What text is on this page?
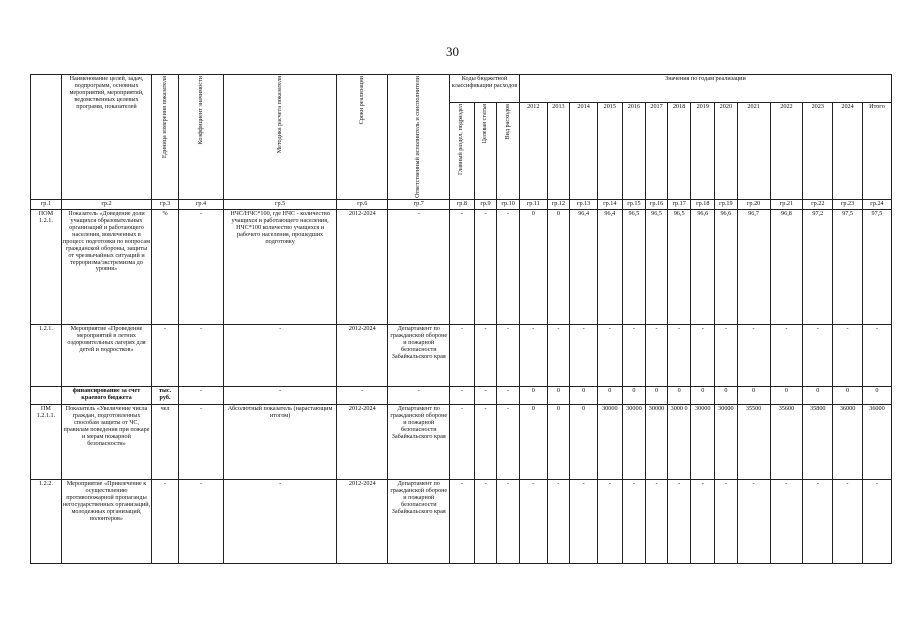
30
	Наименование целей, задач, подпрограмм, основных мероприятий, мероприятий, ведомственных целевых программ, показателей	Единица измерения показателя	Коэффициент значимости	Методика расчета показателя	Сроки реализации	Ответственный исполнитель и соисполнители	Коды бюджетной классификации расходов			Значения по годам реализации													

							Главный раздел, подраздел	Целевая статья	Вид расходов	2012	2013	2014	2015	2016	2017	2018	2019	2020	2021	2022	2023	2024	Итого
гр.1	гр.2	гр.3	гр.4	гр.5	гр.6	гр.7	гр.8	гр.9	гр.10	гр.11	гр.12	гр.13	гр.14	гр.15	гр.16	гр.17	гр.18	гр.19	гр.20	гр.21	гр.22	гр.23	гр.24
ПОМ 1.2.1.	Показатель «Доведение доли учащихся образовательных организаций и работающего населения, вовлеченных в процесс подготовки по вопросам гражданской обороны, защиты от чрезвычайных ситуаций и терроризма/экстремизма до уровня»	%	-	НЧС/НЧС*100, где НЧС - количество учащихся и работающего населения, НЧС*100 количество учащихся и рабочего населения, прошедших подготовку	2012-2024	-	-	-	-	0	0	96,4	96,4	96,5	96,5	96,5	96,6	96,6	96,7	96,8	97,2	97,5	97,5
1.2.1.	Мероприятие «Проведение мероприятий в летних оздоровительных лагерях для детей и подростков»	-	-	-	2012-2024	Департамент по гражданской обороне и пожарной безопасности Забайкальского края	-	-	-	-	-	-	-	-	-	-	-	-	-	-	-	-	-
	финансирование за счет краевого бюджета	тыс. руб.	-	-	-	-	-	-	-	0	0	0	0	0	0	0	0	0	0	0	0	0	0
ПМ 1.2.1.1.	Показатель «Увеличение числа граждан, подготовленных способам защиты от ЧС, правилам поведения при пожаре и мерам пожарной безопасности»	чел	-	Абсолютный показатель (нарастающим итогом)	2012-2024	Департамент по гражданской обороне и пожарной безопасности Забайкальского края	-	-	-	0	0	0	30000	30000	30000	3000 0	30000	30000	35500	35600	35800	36000	36000
1.2.2.	Мероприятие «Привлечение к осуществлению противопожарной пропаганды негосударственных организаций, молодежных организаций, волонтеров»	-	-	-	2012-2024	Департамент по гражданской обороне и пожарной безопасности Забайкальского края	-	-	-	-	-	-	-	-	-	-	-	-	-	-	-	-	-
